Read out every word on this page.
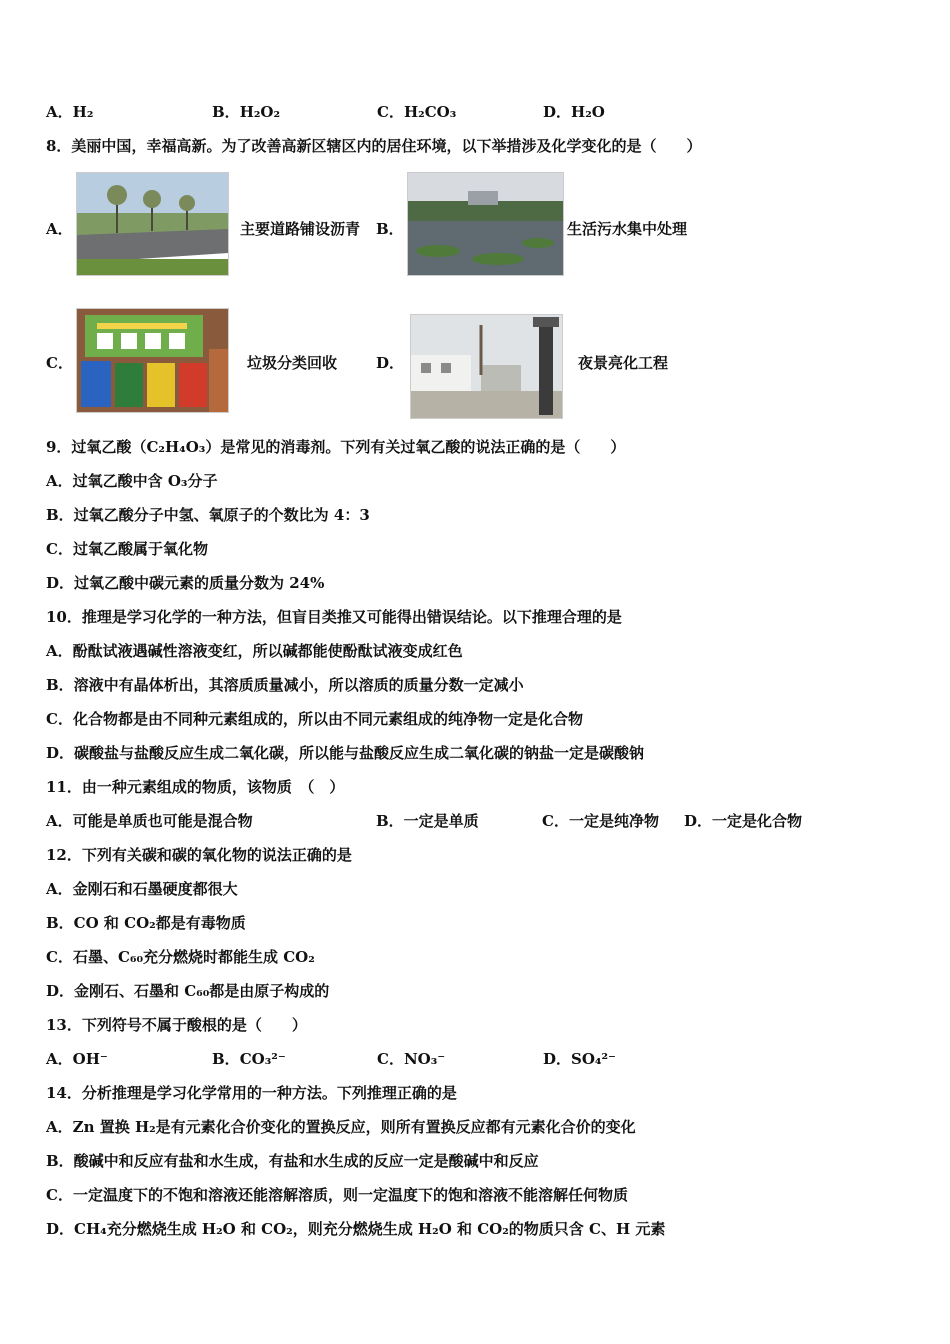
A．H₂	B．H₂O₂	C．H₂CO₃	D．H₂O
8．美丽中国，幸福高新。为了改善高新区辖区内的居住环境，以下举措涉及化学变化的是（　　）
A．	主要道路铺设沥青 B．	生活污水集中处理
C．	垃圾分类回收	D．	夜景亮化工程
9．过氧乙酸（C₂H₄O₃）是常见的消毒剂。下列有关过氧乙酸的说法正确的是（　　）
A．过氧乙酸中含 O₃分子
B．过氧乙酸分子中氢、氧原子的个数比为 4：3
C．过氧乙酸属于氧化物
D．过氧乙酸中碳元素的质量分数为 24%
10．推理是学习化学的一种方法，但盲目类推又可能得出错误结论。以下推理合理的是
A．酚酞试液遇碱性溶液变红，所以碱都能使酚酞试液变成红色
B．溶液中有晶体析出，其溶质质量减小，所以溶质的质量分数一定减小
C．化合物都是由不同种元素组成的，所以由不同元素组成的纯净物一定是化合物
D．碳酸盐与盐酸反应生成二氧化碳，所以能与盐酸反应生成二氧化碳的钠盐一定是碳酸钠
11．由一种元素组成的物质，该物质　（　）
A．可能是单质也可能是混合物	B．一定是单质	C．一定是纯净物 D．一定是化合物
12．下列有关碳和碳的氧化物的说法正确的是
A．金刚石和石墨硬度都很大
B．CO 和 CO₂都是有毒物质
C．石墨、C₆₀充分燃烧时都能生成 CO₂
D．金刚石、石墨和 C₆₀都是由原子构成的
13．下列符号不属于酸根的是（　　）
A．OH⁻	B．CO₃²⁻	C．NO₃⁻	D．SO₄²⁻
14．分析推理是学习化学常用的一种方法。下列推理正确的是
A．Zn 置换 H₂是有元素化合价变化的置换反应，则所有置换反应都有元素化合价的变化
B．酸碱中和反应有盐和水生成，有盐和水生成的反应一定是酸碱中和反应
C．一定温度下的不饱和溶液还能溶解溶质，则一定温度下的饱和溶液不能溶解任何物质
D．CH₄充分燃烧生成 H₂O 和 CO₂，则充分燃烧生成 H₂O 和 CO₂的物质只含 C、H 元素
